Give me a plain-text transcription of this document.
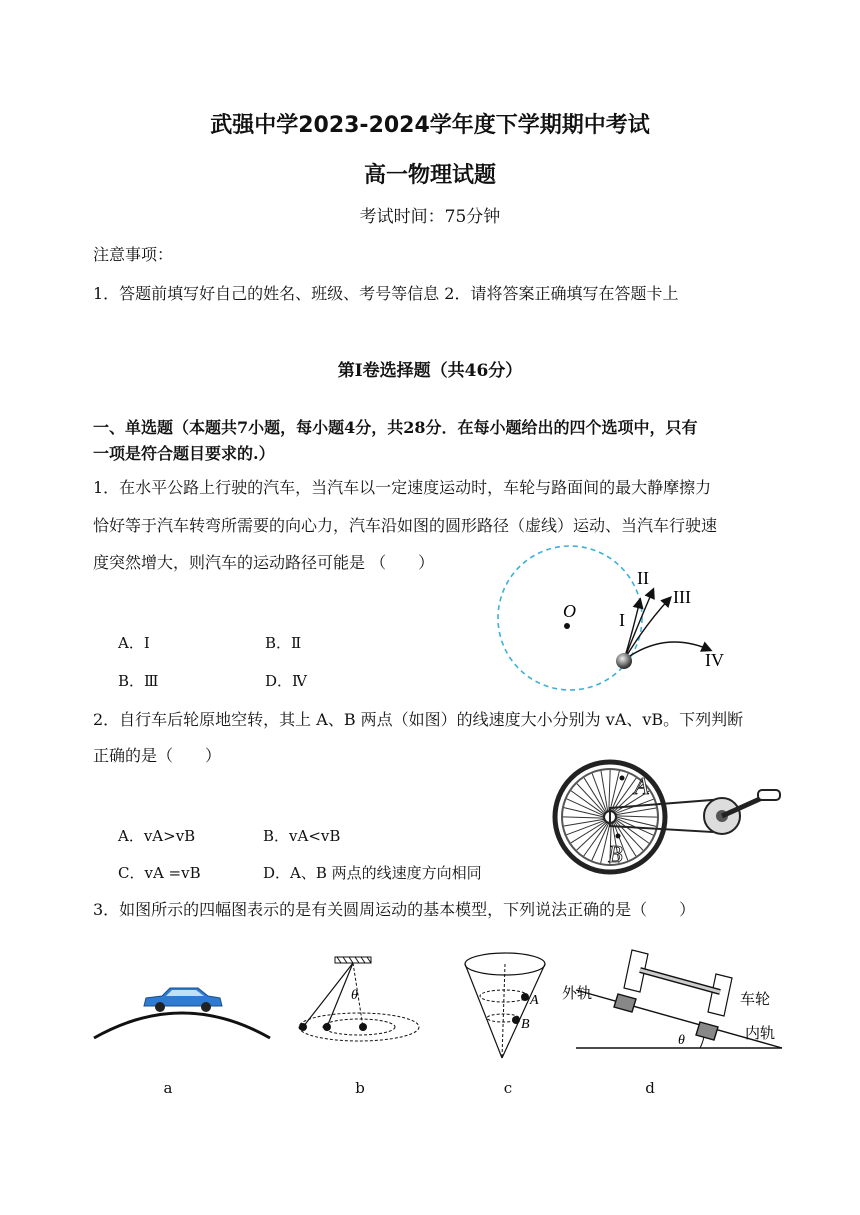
武强中学2023-2024学年度下学期期中考试
高一物理试题
考试时间：75分钟
注意事项：
1．答题前填写好自己的姓名、班级、考号等信息 2．请将答案正确填写在答题卡上
第Ⅰ卷选择题（共46分）
一、单选题（本题共7小题，每小题4分，共28分．在每小题给出的四个选项中，只有
一项是符合题目要求的.）
1．在水平公路上行驶的汽车，当汽车以一定速度运动时，车轮与路面间的最大静摩擦力
恰好等于汽车转弯所需要的向心力，汽车沿如图的圆形路径（虚线）运动、当汽车行驶速
度突然增大，则汽车的运动路径可能是 （　　）
A．Ⅰ	B．Ⅱ
B．Ⅲ	D．Ⅳ
O I
II
III
IV
2．自行车后轮原地空转，其上 A、B 两点（如图）的线速度大小分别为 vA、vB。下列判断
正确的是（　　）
A．vA>vB	B．vA<vB
C．vA =vB	D．A、B 两点的线速度方向相同
A
B
3．如图所示的四幅图表示的是有关圆周运动的基本模型，下列说法正确的是（　　）
a
θ
b
A
B
c
外轨	车轮
内轨
θ
d
